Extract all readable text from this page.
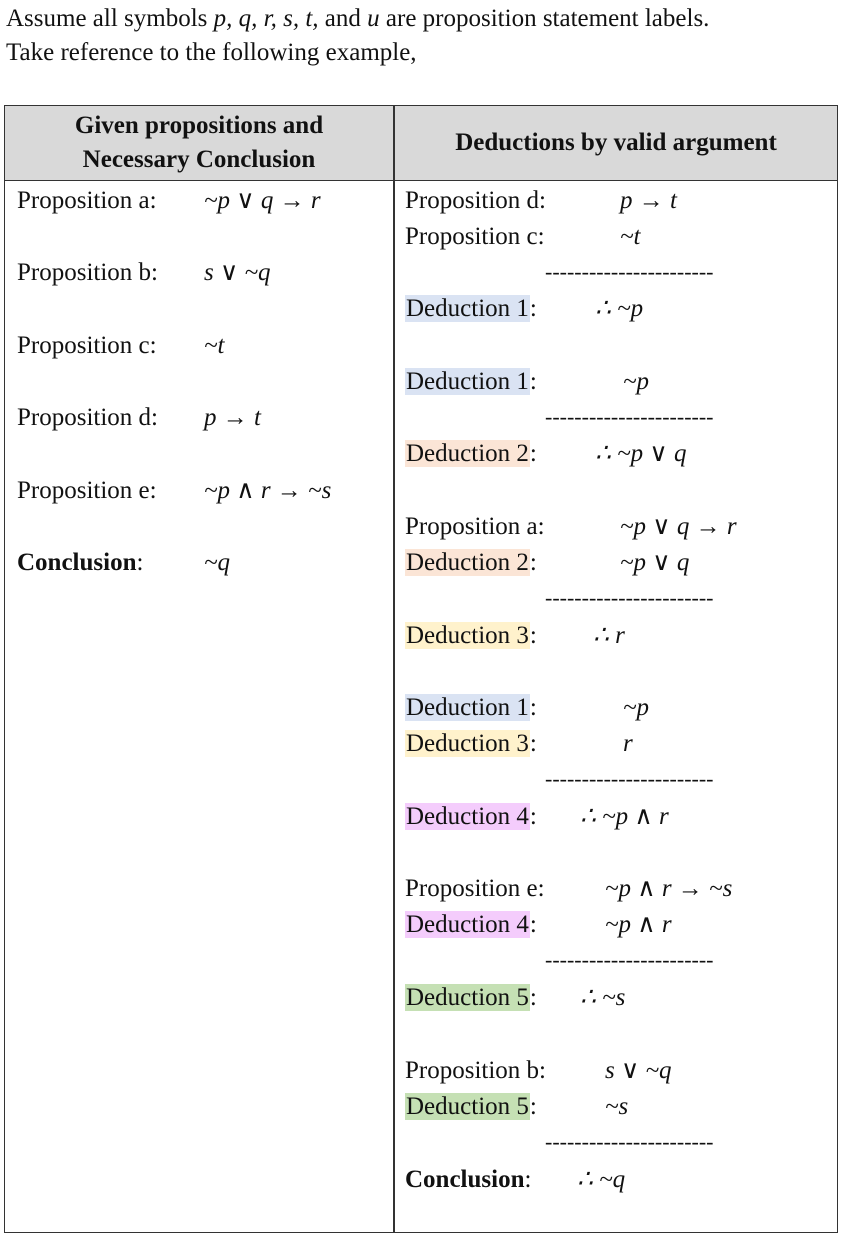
Assume all symbols p, q, r, s, t, and u are proposition statement labels.
Take reference to the following example,
Given propositions and
Necessary Conclusion
Deductions by valid argument
Proposition a: ~p ∨ q → r
Proposition b: s ∨ ~q
Proposition c: ~t
Proposition d: p → t
Proposition e: ~p ∧ r → ~s
Conclusion: ~q
Proposition d:	p → t
Proposition c:	~t
-----------------------
Deduction 1: ∴ ~p
Deduction 1:	~p
-----------------------
Deduction 2: ∴ ~p ∨ q
Proposition a:	~p ∨ q → r
Deduction 2:	~p ∨ q
-----------------------
Deduction 3: ∴ r
Deduction 1:	~p
Deduction 3:	r
-----------------------
Deduction 4: ∴ ~p ∧ r
Proposition e: ~p ∧ r → ~s
Deduction 4:	~p ∧ r
-----------------------
Deduction 5: ∴ ~s
Proposition b: s ∨ ~q
Deduction 5:	~s
-----------------------
Conclusion: ∴ ~q
